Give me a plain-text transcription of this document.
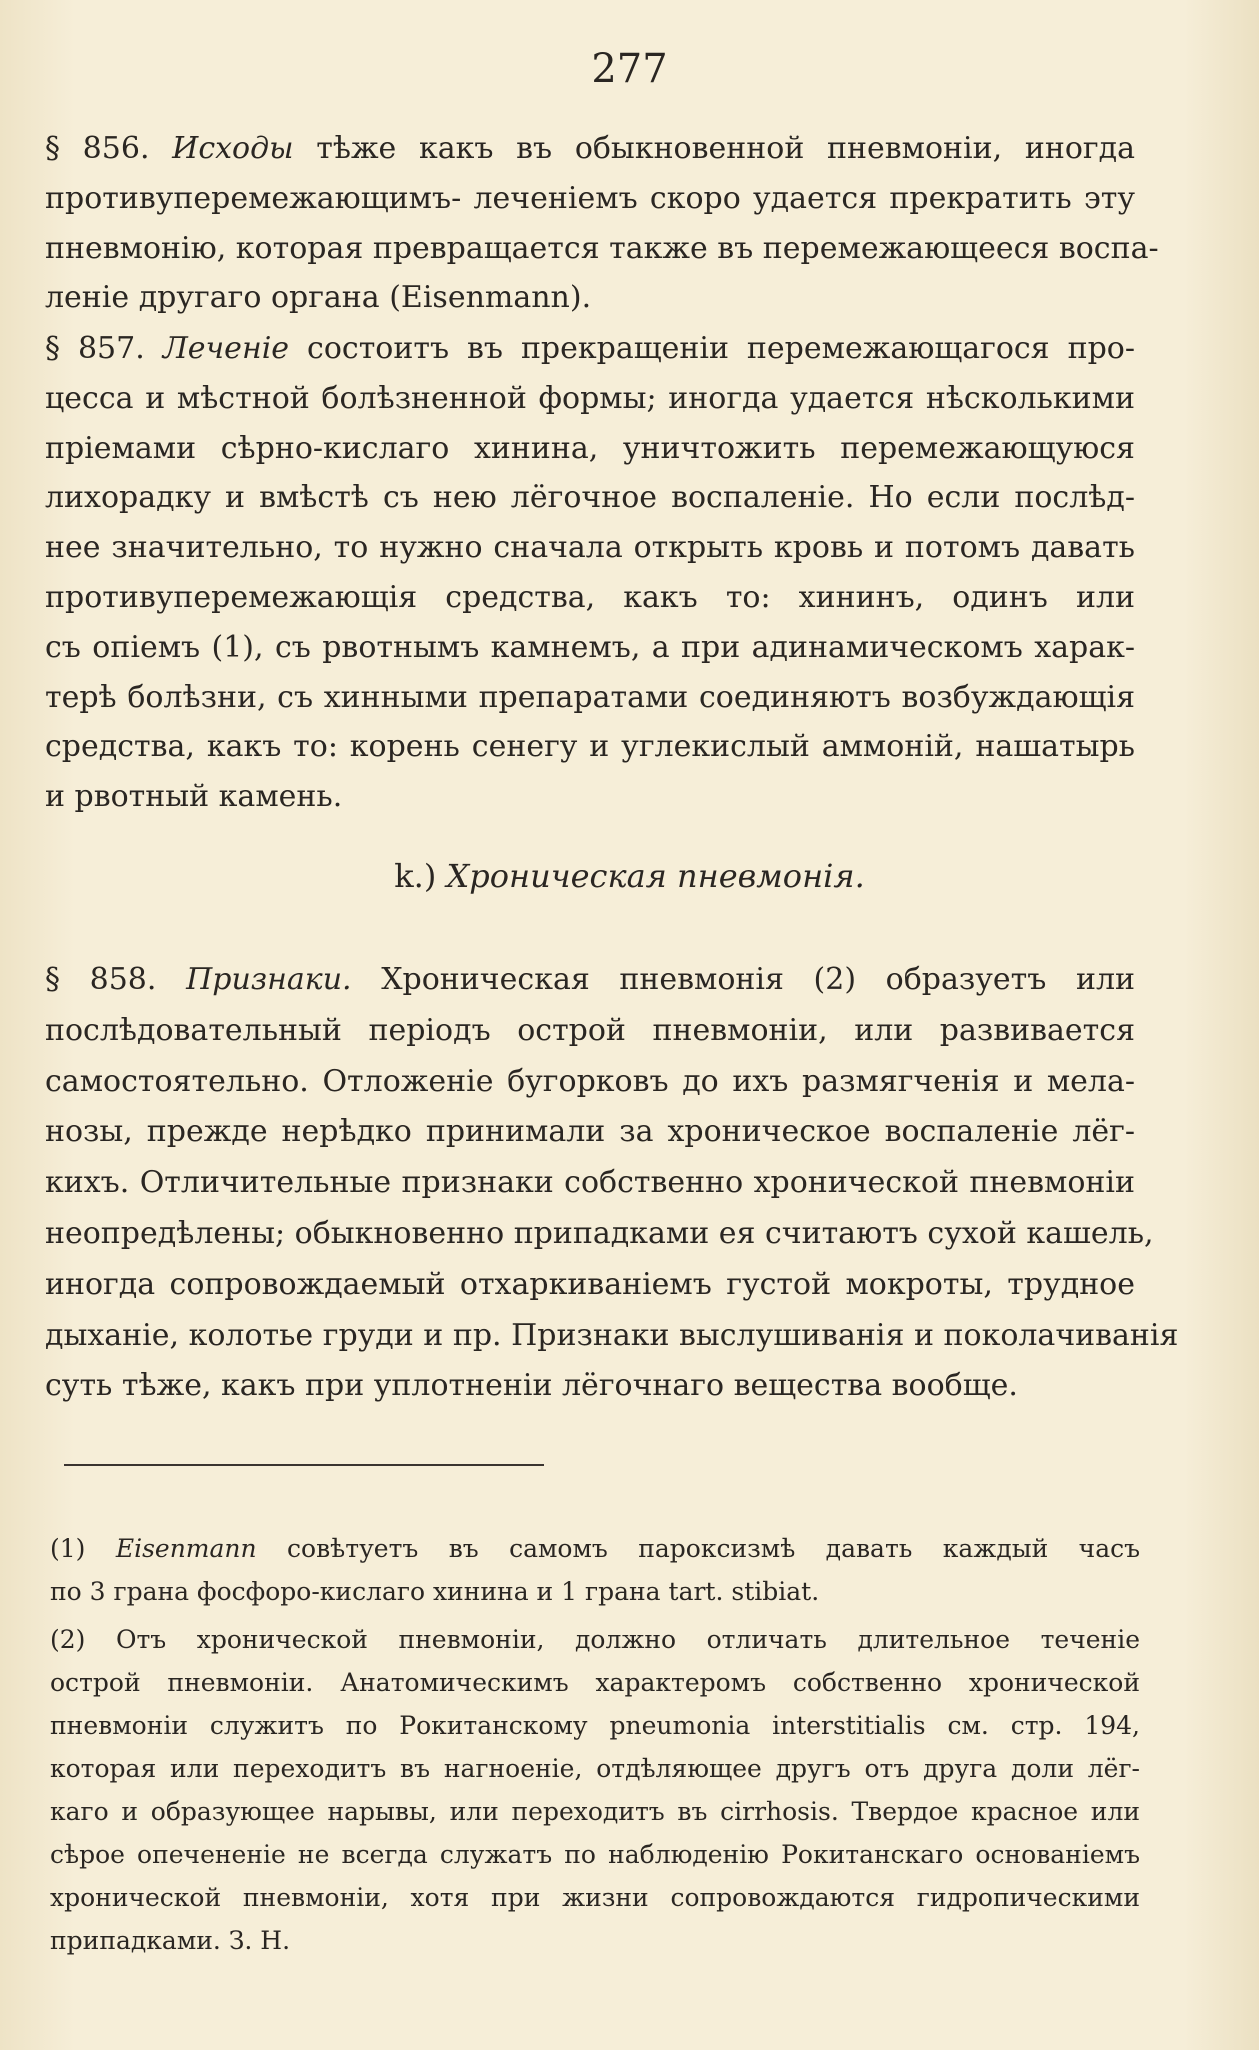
277
§ 856. Исходы тѣже какъ въ обыкновенной пневмоніи, иногда
противуперемежающимъ- леченіемъ скоро удается прекратить эту
пневмонію, которая превращается также въ перемежающееся воспа-
леніе другаго органа (Eisenmann).
§ 857. Леченіе состоитъ въ прекращеніи перемежающагося про-
цесса и мѣстной болѣзненной формы; иногда удается нѣсколькими
пріемами сѣрно-кислаго хинина, уничтожить перемежающуюся
лихорадку и вмѣстѣ съ нею лёгочное воспаленіе. Но если послѣд-
нее значительно, то нужно сначала открыть кровь и потомъ давать
противуперемежающія средства, какъ то: хининъ, одинъ или
съ опіемъ (1), съ рвотнымъ камнемъ, а при адинамическомъ харак-
терѣ болѣзни, съ хинными препаратами соединяютъ возбуждающія
средства, какъ то: корень сенегу и углекислый аммоній, нашатырь
и рвотный камень.
k.) Хроническая пневмонія.
§ 858. Признаки. Хроническая пневмонія (2) образуетъ или
послѣдовательный періодъ острой пневмоніи, или развивается
самостоятельно. Отложеніе бугорковъ до ихъ размягченія и мела-
нозы, прежде нерѣдко принимали за хроническое воспаленіе лёг-
кихъ. Отличительные признаки собственно хронической пневмоніи
неопредѣлены; обыкновенно припадками ея считаютъ сухой кашель,
иногда сопровождаемый отхаркиваніемъ густой мокроты, трудное
дыханіе, колотье груди и пр. Признаки выслушиванія и поколачиванія
суть тѣже, какъ при уплотненіи лёгочнаго вещества вообще.
(1) Eisenmann совѣтуетъ въ самомъ пароксизмѣ давать каждый часъ
по 3 грана фосфоро-кислаго хинина и 1 грана tart. stibiat.
(2) Отъ хронической пневмоніи, должно отличать длительное теченіе
острой пневмоніи. Анатомическимъ характеромъ собственно хронической
пневмоніи служитъ по Рокитанскому pneumonia interstitialis см. стр. 194,
которая или переходитъ въ нагноеніе, отдѣляющее другъ отъ друга доли лёг-
каго и образующее нарывы, или переходитъ въ cirrhosis. Твердое красное или
сѣрое опечененіе не всегда служатъ по наблюденію Рокитанскаго основаніемъ
хронической пневмоніи, хотя при жизни сопровождаются гидропическими
припадками. З. Н.
